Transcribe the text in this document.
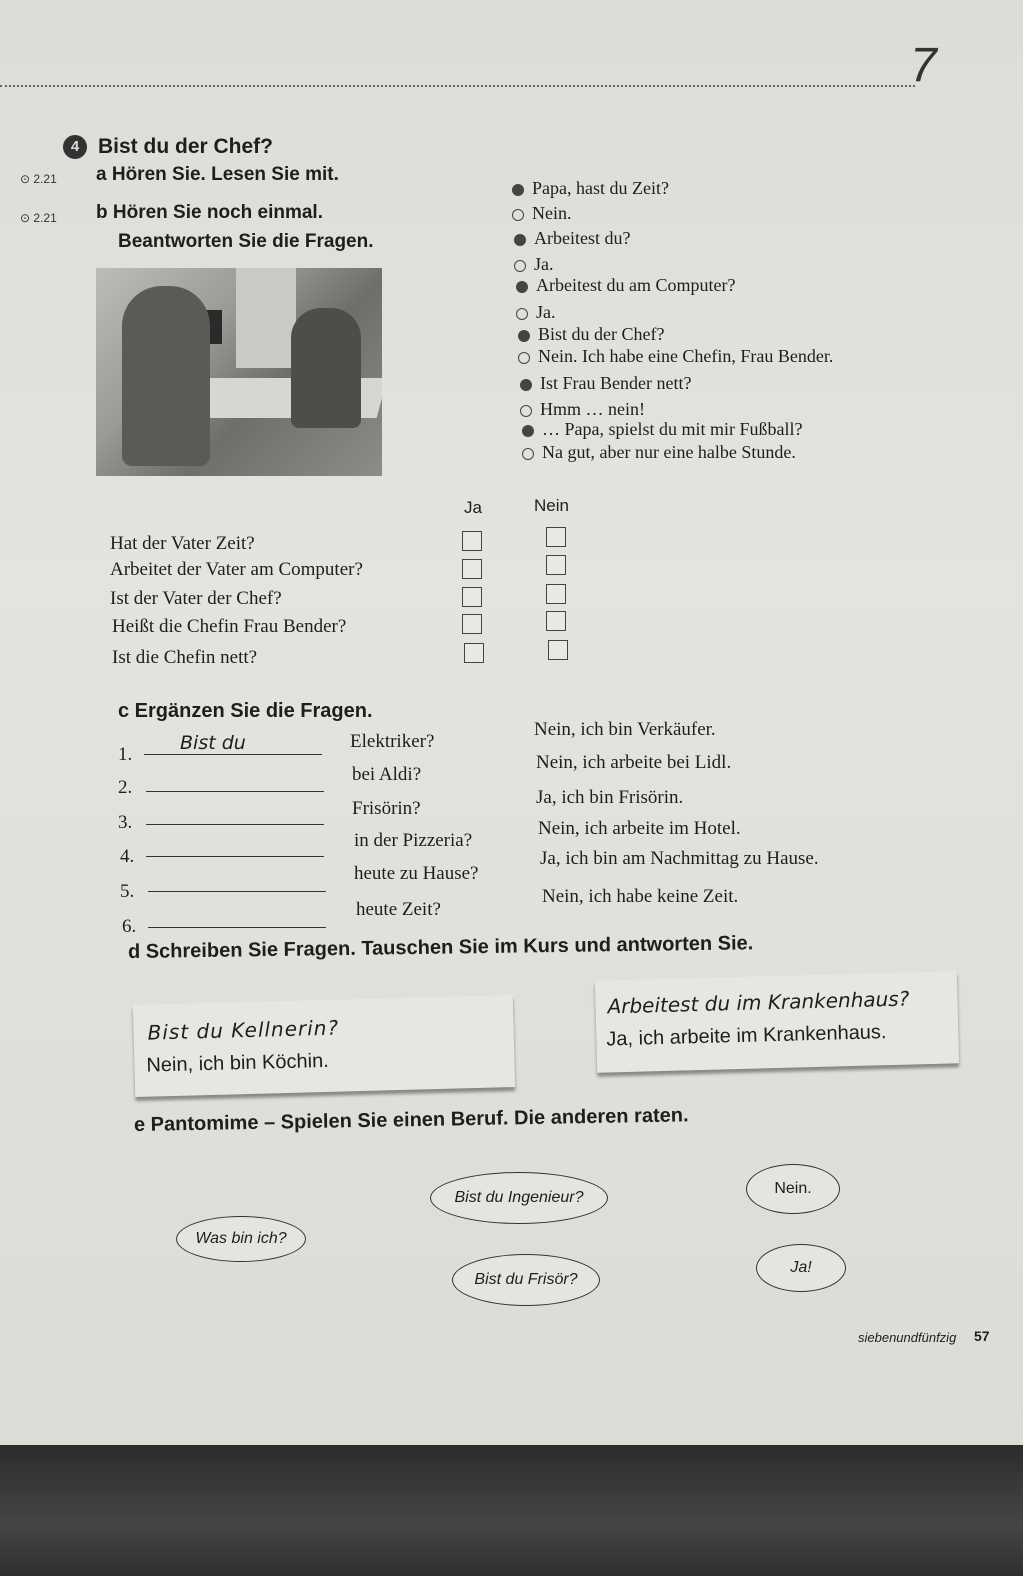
7
4 Bist du der Chef?
⊙ 2.21 a Hören Sie. Lesen Sie mit.
⊙ 2.21 b Hören Sie noch einmal.
Beantworten Sie die Fragen.
Papa, hast du Zeit?
Nein.
Arbeitest du?
Ja.
Arbeitest du am Computer?
Ja.
Bist du der Chef?
Nein. Ich habe eine Chefin, Frau Bender.
Ist Frau Bender nett?
Hmm … nein!
… Papa, spielst du mit mir Fußball?
Na gut, aber nur eine halbe Stunde.
Ja	Nein
Hat der Vater Zeit?
Arbeitet der Vater am Computer?
Ist der Vater der Chef?
Heißt die Chefin Frau Bender?
Ist die Chefin nett?
c Ergänzen Sie die Fragen.
1.
Bist du	Elektriker?
Nein, ich bin Verkäufer.
2.
bei Aldi?
Nein, ich arbeite bei Lidl.
3.
Frisörin?
Ja, ich bin Frisörin.
4.
in der Pizzeria?
Nein, ich arbeite im Hotel.
5.
heute zu Hause?
Ja, ich bin am Nachmittag zu Hause.
6.
heute Zeit?
Nein, ich habe keine Zeit.
d Schreiben Sie Fragen. Tauschen Sie im Kurs und antworten Sie.
Bist du Kellnerin?
Nein, ich bin Köchin.
Arbeitest du im Krankenhaus?
Ja, ich arbeite im Krankenhaus.
e Pantomime – Spielen Sie einen Beruf. Die anderen raten.
Was bin ich?
Bist du Ingenieur?
Nein.
Bist du Frisör?
Ja!
siebenundfünfzig 57
